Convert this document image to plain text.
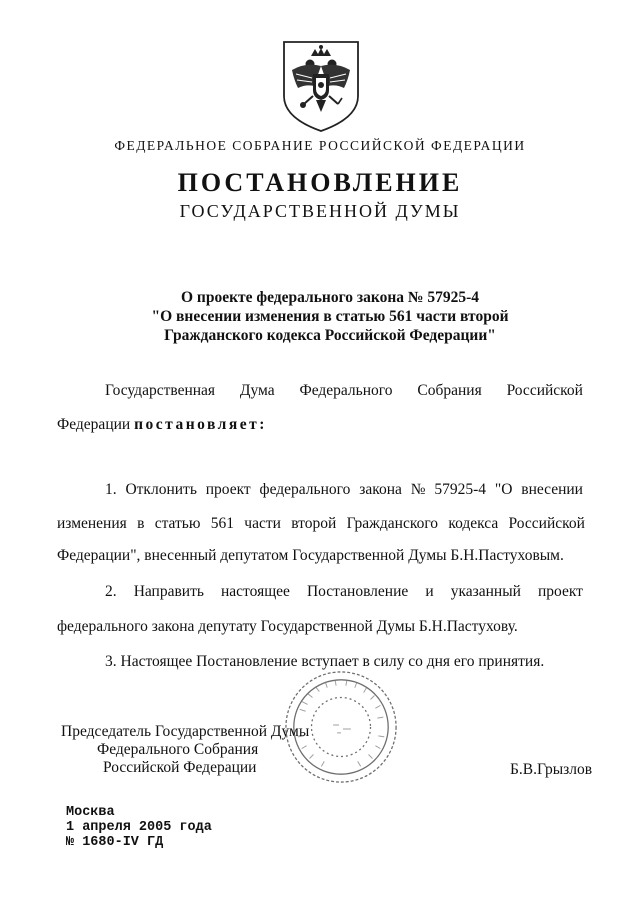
ФЕДЕРАЛЬНОЕ СОБРАНИЕ РОССИЙСКОЙ ФЕДЕРАЦИИ
ПОСТАНОВЛЕНИЕ
ГОСУДАРСТВЕННОЙ ДУМЫ
О проекте федерального закона № 57925-4
"О внесении изменения в статью 561 части второй
Гражданского кодекса Российской Федерации"
Государственная Дума Федерального Собрания Российской
Федерации постановляет:
1. Отклонить проект федерального закона № 57925-4 "О внесении
изменения в статью 561 части второй Гражданского кодекса Российской
Федерации", внесенный депутатом Государственной Думы Б.Н.Пастуховым.
2. Направить настоящее Постановление и указанный проект
федерального закона депутату Государственной Думы Б.Н.Пастухову.
3. Настоящее Постановление вступает в силу со дня его принятия.
Председатель Государственной Думы
Федерального Собрания
Российской Федерации	Б.В.Грызлов
Москва
1 апреля 2005 года
№ 1680-IV ГД
